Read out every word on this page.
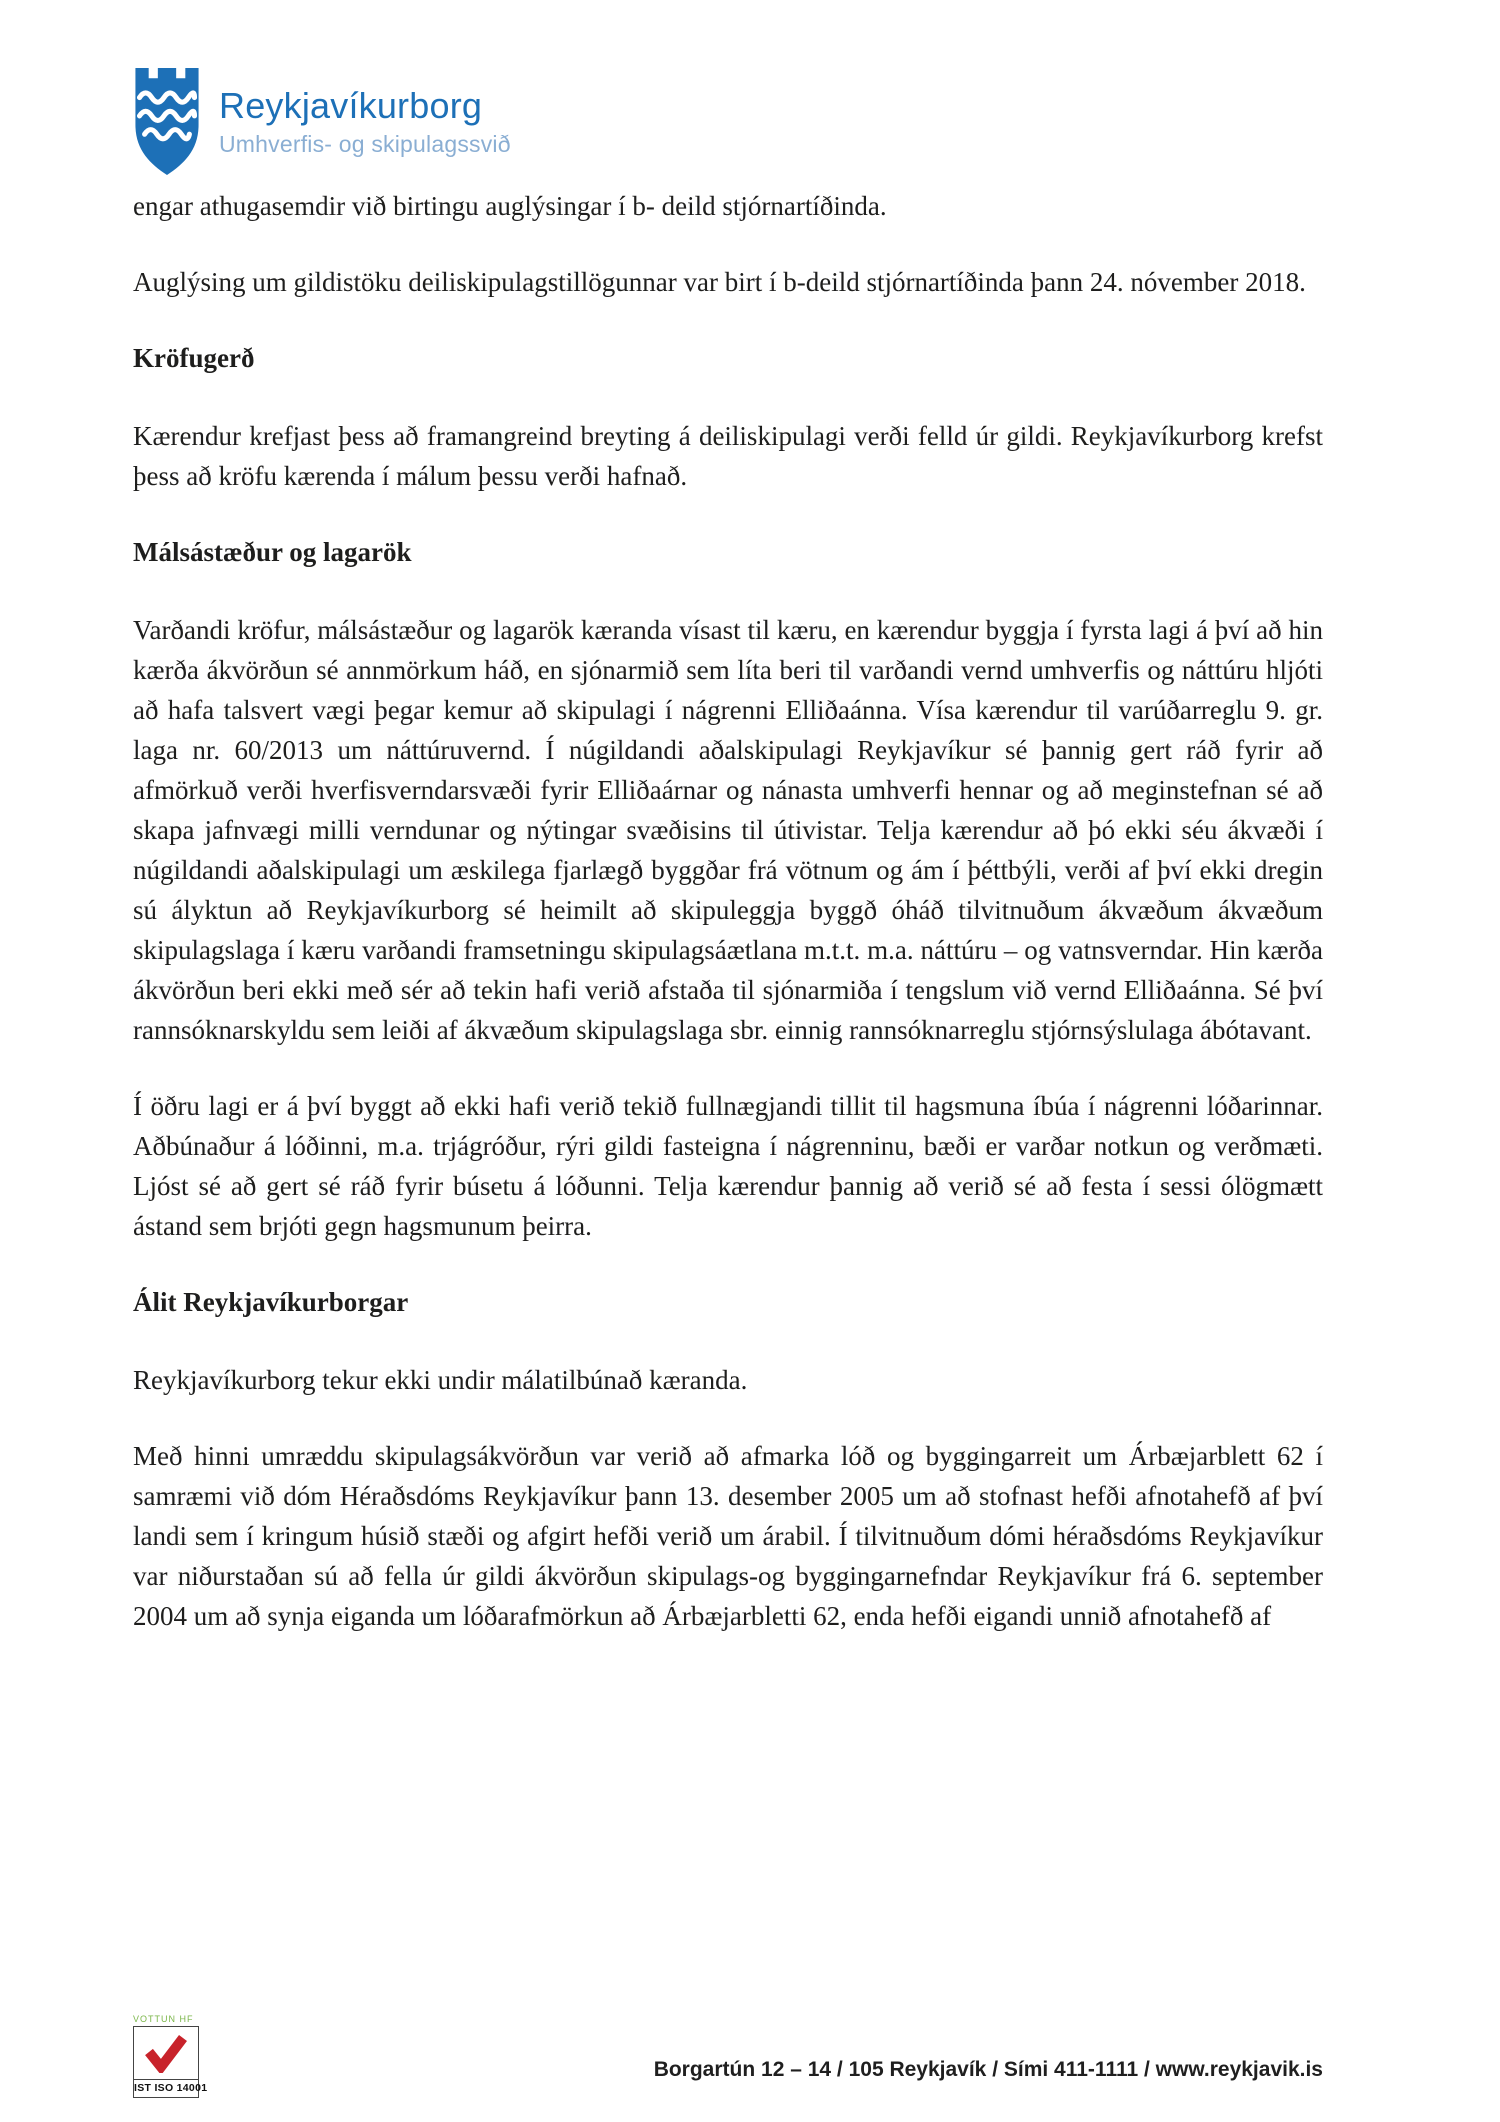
Reykjavíkurborg
Umhverfis- og skipulagssvið

engar athugasemdir við birtingu auglýsingar í b- deild stjórnartíðinda.

Auglýsing um gildistöku deiliskipulagstillögunnar var birt í b-deild stjórnartíðinda þann 24. nóvember 2018.

Kröfugerð

Kærendur krefjast þess að framangreind breyting á deiliskipulagi verði felld úr gildi. Reykjavíkurborg krefst þess að kröfu kærenda í málum þessu verði hafnað.

Málsástæður og lagarök

Varðandi kröfur, málsástæður og lagarök kæranda vísast til kæru, en kærendur byggja í fyrsta lagi á því að hin kærða ákvörðun sé annmörkum háð, en sjónarmið sem líta beri til varðandi vernd umhverfis og náttúru hljóti að hafa talsvert vægi þegar kemur að skipulagi í nágrenni Elliðaánna. Vísa kærendur til varúðarreglu 9. gr. laga nr. 60/2013 um náttúruvernd. Í núgildandi aðalskipulagi Reykjavíkur sé þannig gert ráð fyrir að afmörkuð verði hverfisverndarsvæði fyrir Elliðaárnar og nánasta umhverfi hennar og að meginstefnan sé að skapa jafnvægi milli verndunar og nýtingar svæðisins til útivistar. Telja kærendur að þó ekki séu ákvæði í núgildandi aðalskipulagi um æskilega fjarlægð byggðar frá vötnum og ám í þéttbýli, verði af því ekki dregin sú ályktun að Reykjavíkurborg sé heimilt að skipuleggja byggð óháð tilvitnuðum ákvæðum ákvæðum skipulagslaga í kæru varðandi framsetningu skipulagsáætlana m.t.t. m.a. náttúru – og vatnsverndar. Hin kærða ákvörðun beri ekki með sér að tekin hafi verið afstaða til sjónarmiða í tengslum við vernd Elliðaánna. Sé því rannsóknarskyldu sem leiði af ákvæðum skipulagslaga sbr. einnig rannsóknarreglu stjórnsýslulaga ábótavant.

Í öðru lagi er á því byggt að ekki hafi verið tekið fullnægjandi tillit til hagsmuna íbúa í nágrenni lóðarinnar. Aðbúnaður á lóðinni, m.a. trjágróður, rýri gildi fasteigna í nágrenninu, bæði er varðar notkun og verðmæti. Ljóst sé að gert sé ráð fyrir búsetu á lóðunni. Telja kærendur þannig að verið sé að festa í sessi ólögmætt ástand sem brjóti gegn hagsmunum þeirra.

Álit Reykjavíkurborgar

Reykjavíkurborg tekur ekki undir málatilbúnað kæranda.

Með hinni umræddu skipulagsákvörðun var verið að afmarka lóð og byggingarreit um Árbæjarblett 62 í samræmi við dóm Héraðsdóms Reykjavíkur þann 13. desember 2005 um að stofnast hefði afnotahefð af því landi sem í kringum húsið stæði og afgirt hefði verið um árabil. Í tilvitnuðum dómi héraðsdóms Reykjavíkur var niðurstaðan sú að fella úr gildi ákvörðun skipulags-og byggingarnefndar Reykjavíkur frá 6. september 2004 um að synja eiganda um lóðarafmörkun að Árbæjarbletti 62, enda hefði eigandi unnið afnotahefð af

VOTTUN HF
IST ISO 14001
Borgartún 12 – 14 / 105 Reykjavík / Sími 411-1111 / www.reykjavik.is
